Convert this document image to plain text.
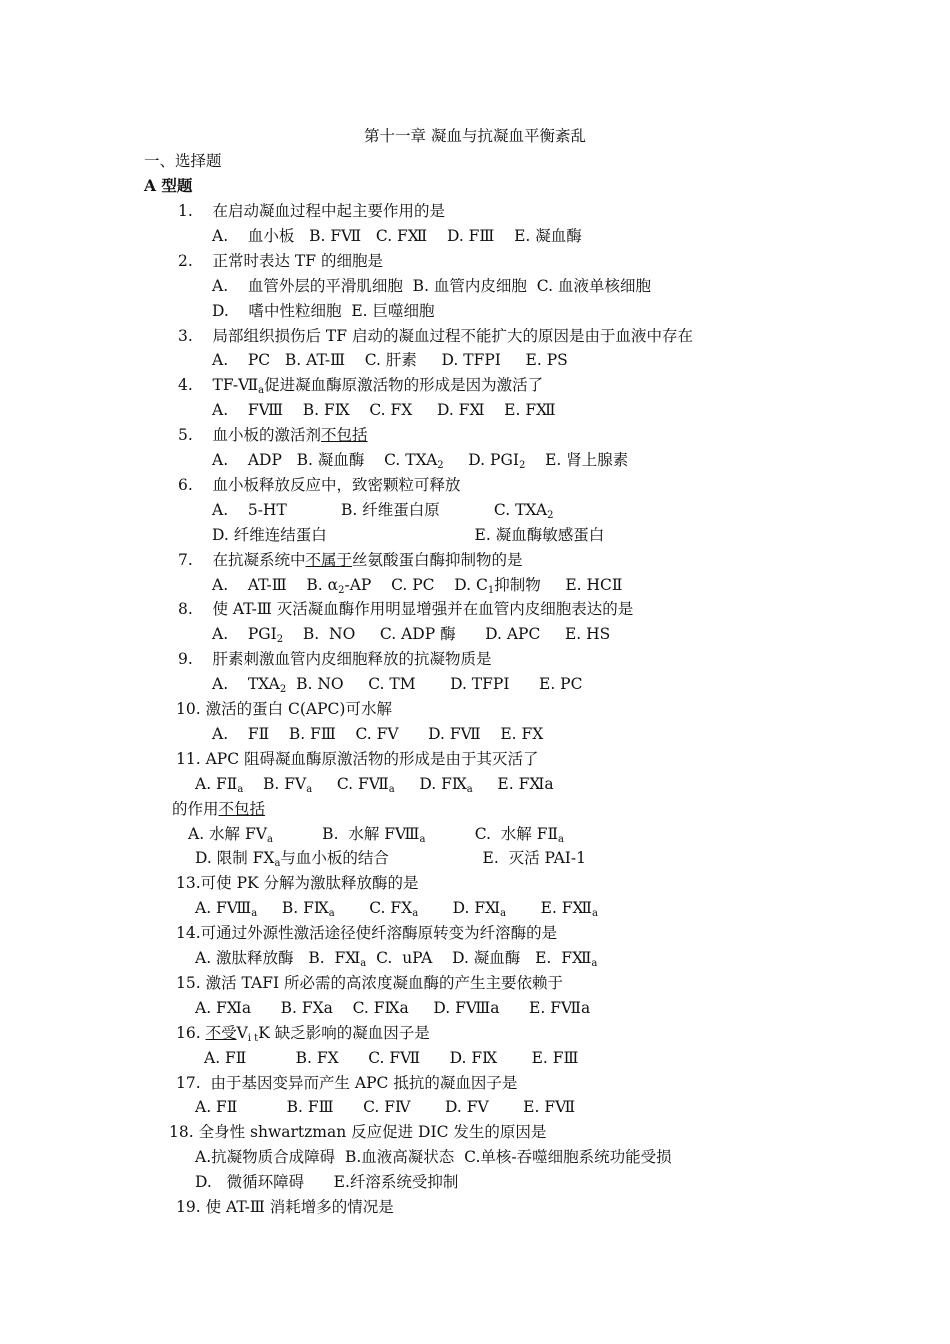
第十一章 凝血与抗凝血平衡紊乱
一、选择题
A 型题
1.    在启动凝血过程中起主要作用的是
A.    血小板   B. FⅦ   C. FⅫ    D. FⅢ    E. 凝血酶
2.    正常时表达 TF 的细胞是
A.    血管外层的平滑肌细胞  B. 血管内皮细胞  C. 血液单核细胞
D.    嗜中性粒细胞  E. 巨噬细胞
3.    局部组织损伤后 TF 启动的凝血过程不能扩大的原因是由于血液中存在
A.    PC   B. AT-Ⅲ    C. 肝素     D. TFPI     E. PS
4.    $TF-Ⅶ_a$促进凝血酶原激活物的形成是因为激活了
A.    FⅧ    B. FⅨ    C. FⅩ     D. FⅪ    E. FⅫ
5.    血小板的激活剂不包括
A.    ADP   B. 凝血酶    C. $TXA_2$     D. $PGI_2$    E. 肾上腺素
6.    血小板释放反应中，致密颗粒可释放
A.    5-HT           B. 纤维蛋白原           C. $TXA_2$
D. 纤维连结蛋白                              E. 凝血酶敏感蛋白
7.    在抗凝系统中不属于丝氨酸蛋白酶抑制物的是
A.    AT-Ⅲ    B. $\alpha_2-AP$    C. PC    D. $C_1$抑制物     E. HCⅡ
8.    使 AT-Ⅲ 灭活凝血酶作用明显增强并在血管内皮细胞表达的是
A.    $PGI_2$    B.  NO     C. ADP 酶      D. APC     E. HS
9.    肝素刺激血管内皮细胞释放的抗凝物质是
A.    $TXA_2$  B. NO     C. TM       D. TFPI      E. PC
10. 激活的蛋白 C(APC)可水解
A.    FⅡ    B. FⅢ    C. FⅤ      D. FⅦ    E. FⅩ
11. APC 阻碍凝血酶原激活物的形成是由于其灭活了
A. $FⅡ_a$    B. $FⅤ_a$     C. $FⅦ_a$     D. $FⅨ_a$     E. FⅪa
的作用不包括
A. 水解 $FⅤ_a$          B.  水解 $FⅧ_a$          C.  水解 $FⅡ_a$
D. 限制 $FⅩ_a$与血小板的结合                   E.  灭活 PAI-1
13.可使 PK 分解为激肽释放酶的是
A. $FⅧ_a$     B. $FⅨ_a$       C. $FⅩ_a$       D. $FⅪ_a$       E. $FⅫ_a$
14.可通过外源性激活途径使纤溶酶原转变为纤溶酶的是
A. 激肽释放酶   B.  $FⅪ_a$  C.  uPA    D. 凝血酶   E.  $FⅫ_a$
15. 激活 TAFI 所必需的高浓度凝血酶的产生主要依赖于
A. FⅪa      B. FⅩa    C. FⅨa     D. FⅧa      E. FⅦa
16. 不受$V_{i t}K$ 缺乏影响的凝血因子是
A. FⅡ          B. FⅩ      C. FⅦ      D. FⅨ       E. FⅢ
17.  由于基因变异而产生 APC 抵抗的凝血因子是
A. FⅡ          B. FⅢ      C. FⅣ       D. FⅤ       E. FⅦ
18. 全身性 shwartzman 反应促进 DIC 发生的原因是
A.抗凝物质合成障碍  B.血液高凝状态  C.单核-吞噬细胞系统功能受损
D.   微循环障碍      E.纤溶系统受抑制
19. 使 AT-Ⅲ 消耗增多的情况是
